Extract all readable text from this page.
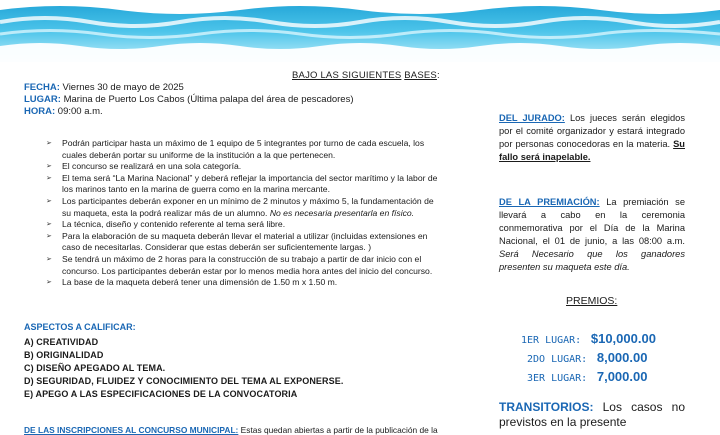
BAJO LAS SIGUIENTES BASES:
FECHA: Viernes 30 de mayo de 2025
LUGAR: Marina de Puerto Los Cabos (Última palapa del área de pescadores)
HORA: 09:00 a.m.
➢ Podrán participar hasta un máximo de 1 equipo de 5 integrantes por turno de cada escuela, los
cuales deberán portar su uniforme de la institución a la que pertenecen.
➢ El concurso se realizará en una sola categoría.
➢ El tema será “La Marina Nacional” y deberá reflejar la importancia del sector marítimo y la labor de
los marinos tanto en la marina de guerra como en la marina mercante.
➢ Los participantes deberán exponer en un mínimo de 2 minutos y máximo 5, la fundamentación de
su maqueta, esta la podrá realizar más de un alumno. No es necesaria presentarla en físico.
➢ La técnica, diseño y contenido referente al tema será libre.
➢ Para la elaboración de su maqueta deberán llevar el material a utilizar (incluidas extensiones en
caso de necesitarlas. Considerar que estas deberán ser suficientemente largas. )
➢ Se tendrá un máximo de 2 horas para la construcción de su trabajo a partir de dar inicio con el
concurso. Los participantes deberán estar por lo menos media hora antes del inicio del concurso.
➢ La base de la maqueta deberá tener una dimensión de 1.50 m x 1.50 m.
ASPECTOS A CALIFICAR:
A) CREATIVIDAD
B) ORIGINALIDAD
C) DISEÑO APEGADO AL TEMA.
D) SEGURIDAD, FLUIDEZ Y CONOCIMIENTO DEL TEMA AL EXPONERSE.
E) APEGO A LAS ESPECIFICACIONES DE LA CONVOCATORIA
DE LAS INSCRIPCIONES AL CONCURSO MUNICIPAL: Estas quedan abiertas a partir de la publicación de la
DEL JURADO: Los jueces serán elegidos por el comité organizador y estará integrado por personas conocedoras en la materia. Su fallo será inapelable.
DE LA PREMIACIÓN: La premiación se llevará a cabo en la ceremonia conmemorativa por el Día de la Marina Nacional, el 01 de junio, a las 08:00 a.m. Será Necesario que los ganadores presenten su maqueta este día.
PREMIOS:
1ER LUGAR: $10,000.00
2DO LUGAR: 8,000.00
3ER LUGAR: 7,000.00
TRANSITORIOS: Los casos no previstos en la presente
